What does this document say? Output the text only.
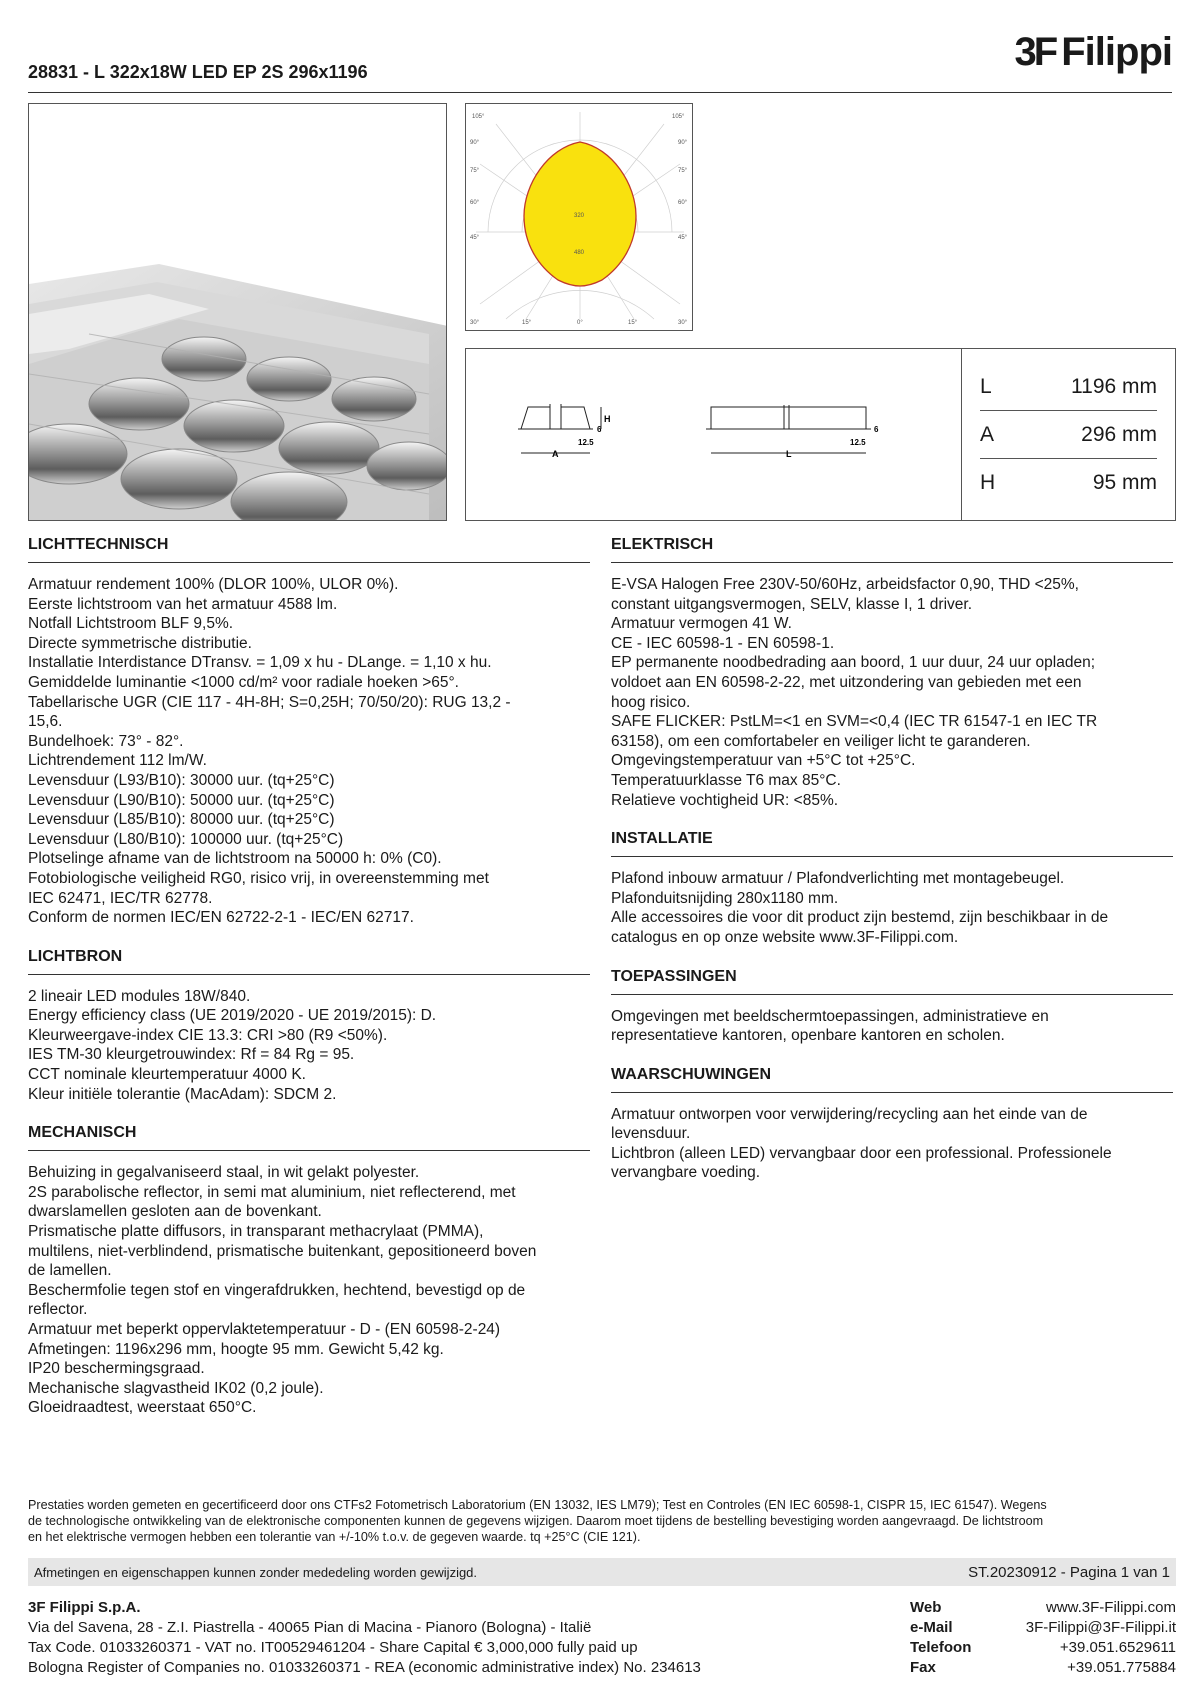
28831 - L 322x18W LED EP 2S 296x1196	3F Filippi
105°	105°
90°
75°
60°
45°
90°
75°
60°
45°
30°	15°	0°	15°	30°
320
480
H
6
12.5
A
6
12.5
L
L	1196 mm
A	296 mm
H	95 mm
LICHTTECHNISCH

Armatuur rendement 100% (DLOR 100%, ULOR 0%).

Eerste lichtstroom van het armatuur 4588 lm.

Notfall Lichtstroom BLF 9,5%.

Directe symmetrische distributie.

Installatie Interdistance DTransv. = 1,09 x hu - DLange. = 1,10 x hu.

Gemiddelde luminantie <1000 cd/m² voor radiale hoeken >65°.

Tabellarische UGR (CIE 117 - 4H-8H; S=0,25H; 70/50/20): RUG 13,2 -

15,6.

Bundelhoek: 73° - 82°.

Lichtrendement 112 lm/W.

Levensduur (L93/B10): 30000 uur. (tq+25°C)

Levensduur (L90/B10): 50000 uur. (tq+25°C)

Levensduur (L85/B10): 80000 uur. (tq+25°C)

Levensduur (L80/B10): 100000 uur. (tq+25°C)

Plotselinge afname van de lichtstroom na 50000 h: 0% (C0).

Fotobiologische veiligheid RG0, risico vrij, in overeenstemming met

IEC 62471, IEC/TR 62778.

Conform de normen IEC/EN 62722-2-1 - IEC/EN 62717.

LICHTBRON

2 lineair LED modules 18W/840.

Energy efficiency class (UE 2019/2020 - UE 2019/2015): D.

Kleurweergave-index CIE 13.3: CRI >80 (R9 <50%).

IES TM-30 kleurgetrouwindex: Rf = 84 Rg = 95.

CCT nominale kleurtemperatuur 4000 K.

Kleur initiële tolerantie (MacAdam): SDCM 2.

MECHANISCH

Behuizing in gegalvaniseerd staal, in wit gelakt polyester.

2S parabolische reflector, in semi mat aluminium, niet reflecterend, met

dwarslamellen gesloten aan de bovenkant.

Prismatische platte diffusors, in transparant methacrylaat (PMMA),

multilens, niet-verblindend, prismatische buitenkant, gepositioneerd boven

de lamellen.

Beschermfolie tegen stof en vingerafdrukken, hechtend, bevestigd op de

reflector.

Armatuur met beperkt oppervlaktetemperatuur - D - (EN 60598-2-24)

Afmetingen: 1196x296 mm, hoogte 95 mm. Gewicht 5,42 kg.

IP20 beschermingsgraad.

Mechanische slagvastheid IK02 (0,2 joule).

Gloeidraadtest, weerstaat 650°C.

ELEKTRISCH

E-VSA Halogen Free 230V-50/60Hz, arbeidsfactor 0,90, THD <25%,

constant uitgangsvermogen, SELV, klasse I, 1 driver.

Armatuur vermogen 41 W.

CE - IEC 60598-1 - EN 60598-1.

EP permanente noodbedrading aan boord, 1 uur duur, 24 uur opladen;

voldoet aan EN 60598-2-22, met uitzondering van gebieden met een

hoog risico.

SAFE FLICKER: PstLM=<1 en SVM=<0,4 (IEC TR 61547-1 en IEC TR

63158), om een comfortabeler en veiliger licht te garanderen.

Omgevingstemperatuur van +5°C tot +25°C.

Temperatuurklasse T6 max 85°C.

Relatieve vochtigheid UR: <85%.

INSTALLATIE

Plafond inbouw armatuur / Plafondverlichting met montagebeugel.

Plafonduitsnijding 280x1180 mm.

Alle accessoires die voor dit product zijn bestemd, zijn beschikbaar in de

catalogus en op onze website www.3F-Filippi.com.

TOEPASSINGEN

Omgevingen met beeldschermtoepassingen, administratieve en

representatieve kantoren, openbare kantoren en scholen.

WAARSCHUWINGEN

Armatuur ontworpen voor verwijdering/recycling aan het einde van de

levensduur.

Lichtbron (alleen LED) vervangbaar door een professional. Professionele

vervangbare voeding.

Prestaties worden gemeten en gecertificeerd door ons CTFs2 Fotometrisch Laboratorium (EN 13032, IES LM79); Test en Controles (EN IEC 60598-1, CISPR 15, IEC 61547). Wegens
de technologische ontwikkeling van de elektronische componenten kunnen de gegevens wijzigen. Daarom moet tijdens de bestelling bevestiging worden aangevraagd. De lichtstroom
en het elektrische vermogen hebben een tolerantie van +/-10% t.o.v. de gegeven waarde. tq +25°C (CIE 121).
Afmetingen en eigenschappen kunnen zonder mededeling worden gewijzigd.	ST.20230912 - Pagina 1 van 1
3F Filippi S.p.A.
Via del Savena, 28 - Z.I. Piastrella - 40065 Pian di Macina - Pianoro (Bologna) - Italië
Tax Code. 01033260371 - VAT no. IT00529461204 - Share Capital € 3,000,000 fully paid up
Bologna Register of Companies no. 01033260371 - REA (economic administrative index) No. 234613
Web	www.3F-Filippi.com
e-Mail	3F-Filippi@3F-Filippi.it
Telefoon	+39.051.6529611
Fax	+39.051.775884
